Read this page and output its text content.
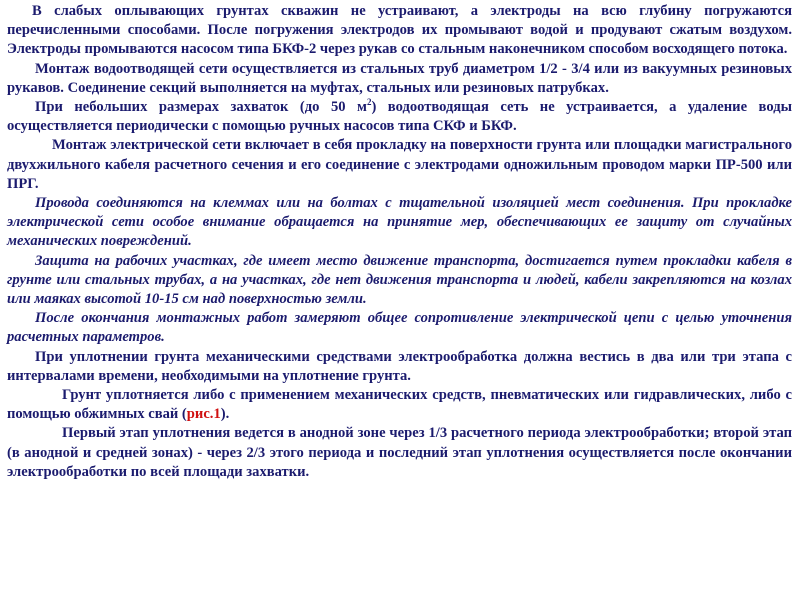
В слабых оплывающих грунтах скважин не устраивают, а электроды на всю глубину погружаются перечисленными способами. После погружения электродов их промывают водой и продувают сжатым воздухом. Электроды промываются насосом типа БКФ-2 через рукав со стальным наконечником способом восходящего потока.

Монтаж водоотводящей сети осуществляется из стальных труб диаметром 1/2 - 3/4 или из вакуумных резиновых рукавов. Соединение секций выполняется на муфтах, стальных или резиновых патрубках.

При небольших размерах захваток (до 50 $м^2$) водоотводящая сеть не устраивается, а удаление воды осуществляется периодически с помощью ручных насосов типа СКФ и БКФ.

Монтаж электрической сети включает в себя прокладку на поверхности грунта или площадки магистрального двухжильного кабеля расчетного сечения и его соединение с электродами одножильным проводом марки ПР-500 или ПРГ.

Провода соединяются на клеммах или на болтах с тщательной изоляцией мест соединения. При прокладке электрической сети особое внимание обращается на принятие мер, обеспечивающих ее защиту от случайных механических повреждений.

Защита на рабочих участках, где имеет место движение транспорта, достигается путем прокладки кабеля в грунте или стальных трубах, а на участках, где нет движения транспорта и людей, кабели закрепляются на козлах или маяках высотой 10-15 см над поверхностью земли.

После окончания монтажных работ замеряют общее сопротивление электрической цепи с целью уточнения расчетных параметров.

При уплотнении грунта механическими средствами электрообработка должна вестись в два или три этапа с интервалами времени, необходимыми на уплотнение грунта.

Грунт уплотняется либо с применением механических средств, пневматических или гидравлических, либо с помощью обжимных свай (рис.1).

Первый этап уплотнения ведется в анодной зоне через 1/3 расчетного периода электрообработки; второй этап (в анодной и средней зонах) - через 2/3 этого периода и последний этап уплотнения осуществляется после окончании электрообработки по всей площади захватки.
